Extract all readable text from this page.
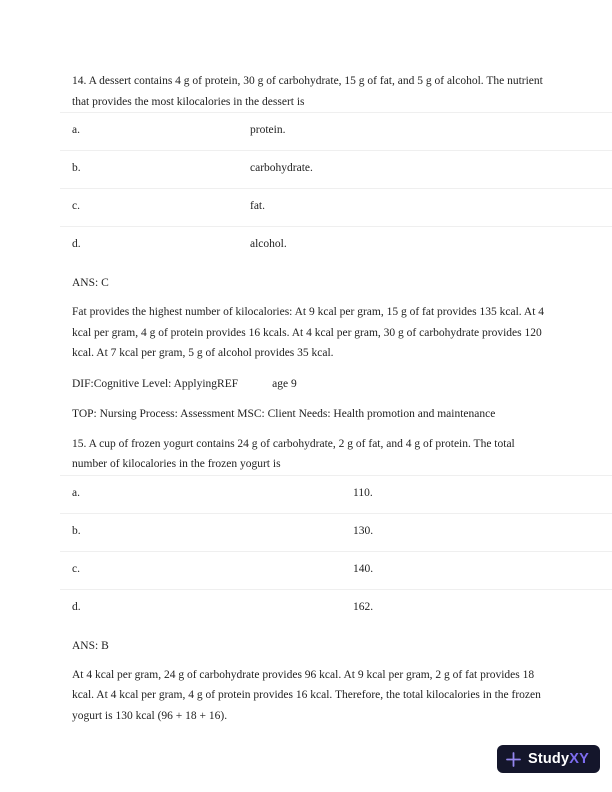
14. A dessert contains 4 g of protein, 30 g of carbohydrate, 15 g of fat, and 5 g of alcohol. The nutrient that provides the most kilocalories in the dessert is
a.	protein.
b.	carbohydrate.
c.	fat.
d.	alcohol.
ANS: C
Fat provides the highest number of kilocalories: At 9 kcal per gram, 15 g of fat provides 135 kcal. At 4 kcal per gram, 4 g of protein provides 16 kcals. At 4 kcal per gram, 30 g of carbohydrate provides 120 kcal. At 7 kcal per gram, 5 g of alcohol provides 35 kcal.
DIF:Cognitive Level: ApplyingREF	age 9
TOP: Nursing Process: Assessment MSC: Client Needs: Health promotion and maintenance
15. A cup of frozen yogurt contains 24 g of carbohydrate, 2 g of fat, and 4 g of protein. The total number of kilocalories in the frozen yogurt is
a.	110.
b.	130.
c.	140.
d.	162.
ANS: B
At 4 kcal per gram, 24 g of carbohydrate provides 96 kcal. At 9 kcal per gram, 2 g of fat provides 18 kcal. At 4 kcal per gram, 4 g of protein provides 16 kcal. Therefore, the total kilocalories in the frozen yogurt is 130 kcal (96 + 18 + 16).
Study XY
